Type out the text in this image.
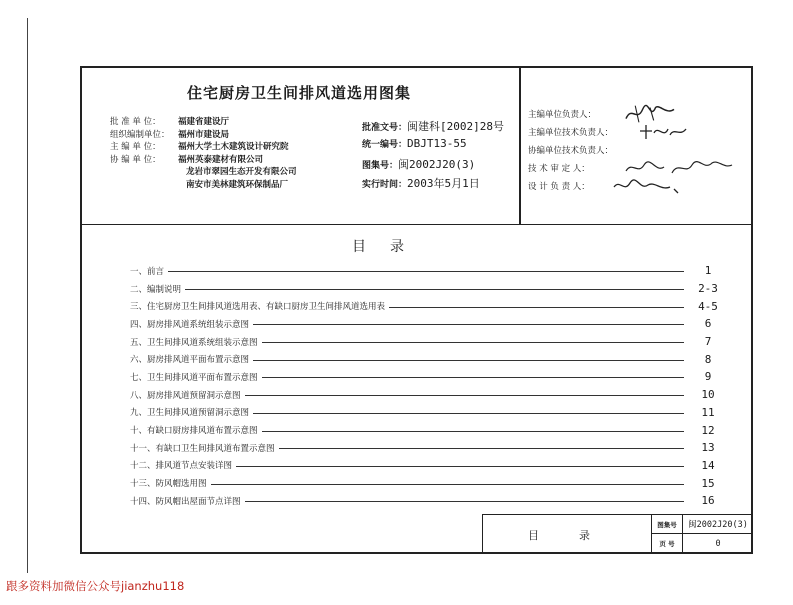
住宅厨房卫生间排风道选用图集
批 准 单 位： 福建省建设厅
组织编制单位： 福州市建设局
主 编 单 位： 福州大学土木建筑设计研究院
协 编 单 位： 福州英泰建材有限公司
龙岩市翠园生态开发有限公司
南安市美林建筑环保制品厂
批准文号：闽建科[2002]28号
统一编号：DBJT13-55
图集号：闽2002J20(3)
实行时间：2003年5月1日
主编单位负责人：
主编单位技术负责人：
协编单位技术负责人：
技 术 审 定 人：
设 计 负 责 人：
目录
一、前言	1
二、编制说明	2-3
三、住宅厨房卫生间排风道选用表、有缺口厨房卫生间排风道选用表	4-5
四、厨房排风道系统组装示意图	6
五、卫生间排风道系统组装示意图	7
六、厨房排风道平面布置示意图	8
七、卫生间排风道平面布置示意图	9
八、厨房排风道预留洞示意图	10
九、卫生间排风道预留洞示意图	11
十、有缺口厨房排风道布置示意图	12
十一、有缺口卫生间排风道布置示意图	13
十二、排风道节点安装详图	14
十三、防风帽选用图	15
十四、防风帽出屋面节点详图	16
目录
图集号	闽2002J20(3)
页 号	0
跟多资料加微信公众号jianzhu118
